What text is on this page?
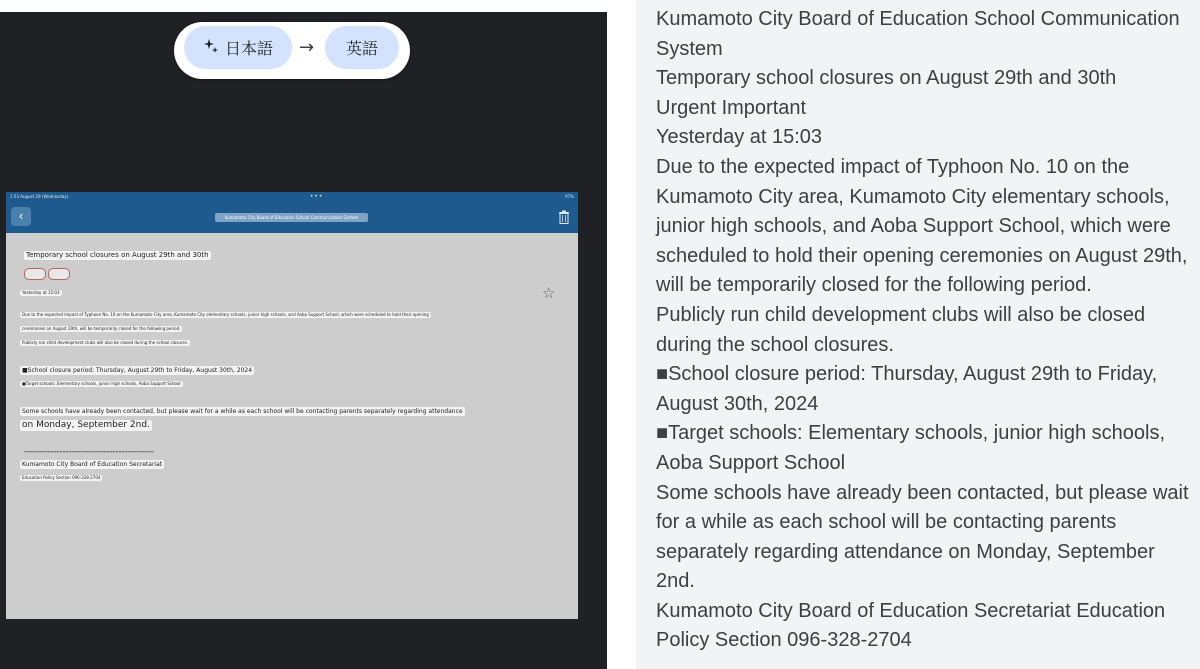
日本語 → 英語
1:53 August 29 (Wednesday)	•••	97%
‹	Kumamoto City Board of Education School Communication System
Temporary school closures on August 29th and 30th
Yesterday at 15:03	☆
Due to the expected impact of Typhoon No. 10 on the Kumamoto City area, Kumamoto City elementary schools, junior high schools, and Aoba Support School, which were scheduled to hold their opening
ceremonies on August 29th, will be temporarily closed for the following period.
Publicly run child development clubs will also be closed during the school closures.
■School closure period: Thursday, August 29th to Friday, August 30th, 2024
■Target schools: Elementary schools, junior high schools, Aoba Support School
Some schools have already been contacted, but please wait for a while as each school will be contacting parents separately regarding attendance
on Monday, September 2nd.
--------------------------------------------
Kumamoto City Board of Education Secretariat
Education Policy Section 096-328-2704

Kumamoto City Board of Education School Communication System

Temporary school closures on August 29th and 30th

Urgent Important

Yesterday at 15:03

Due to the expected impact of Typhoon No. 10 on the Kumamoto City area, Kumamoto City elementary schools, junior high schools, and Aoba Support School, which were scheduled to hold their opening ceremonies on August 29th, will be temporarily closed for the following period.

Publicly run child development clubs will also be closed during the school closures.

■School closure period: Thursday, August 29th to Friday, August 30th, 2024

■Target schools: Elementary schools, junior high schools, Aoba Support School

Some schools have already been contacted, but please wait for a while as each school will be contacting parents separately regarding attendance on Monday, September 2nd.

Kumamoto City Board of Education Secretariat Education Policy Section 096-328-2704
